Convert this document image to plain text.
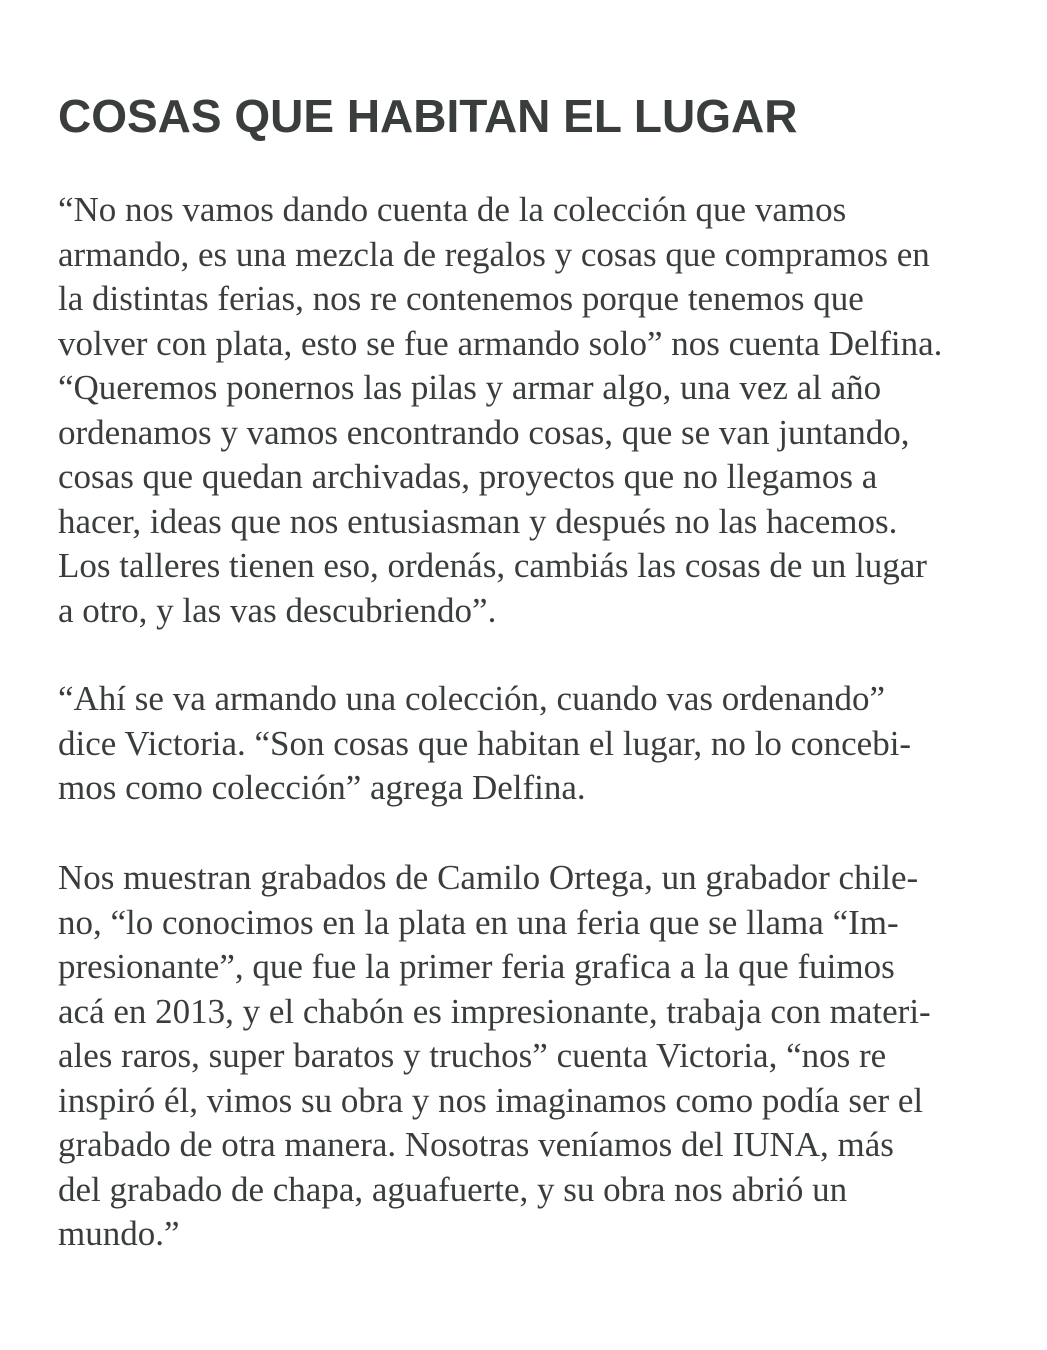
COSAS QUE HABITAN EL LUGAR

“No nos vamos dando cuenta de la colección que vamos
armando, es una mezcla de regalos y cosas que compramos en
la distintas ferias, nos re contenemos porque tenemos que
volver con plata, esto se fue armando solo” nos cuenta Delfina.
“Queremos ponernos las pilas y armar algo, una vez al año
ordenamos y vamos encontrando cosas, que se van juntando,
cosas que quedan archivadas, proyectos que no llegamos a
hacer, ideas que nos entusiasman y después no las hacemos.
Los talleres tienen eso, ordenás, cambiás las cosas de un lugar
a otro, y las vas descubriendo”.

“Ahí se va armando una colección, cuando vas ordenando”
dice Victoria. “Son cosas que habitan el lugar, no lo concebi-
mos como colección” agrega Delfina.

Nos muestran grabados de Camilo Ortega, un grabador chile-
no, “lo conocimos en la plata en una feria que se llama “Im-
presionante”, que fue la primer feria grafica a la que fuimos
acá en 2013, y el chabón es impresionante, trabaja con materi-
ales raros, super baratos y truchos” cuenta Victoria, “nos re
inspiró él, vimos su obra y nos imaginamos como podía ser el
grabado de otra manera. Nosotras veníamos del IUNA, más
del grabado de chapa, aguafuerte, y su obra nos abrió un
mundo.”
